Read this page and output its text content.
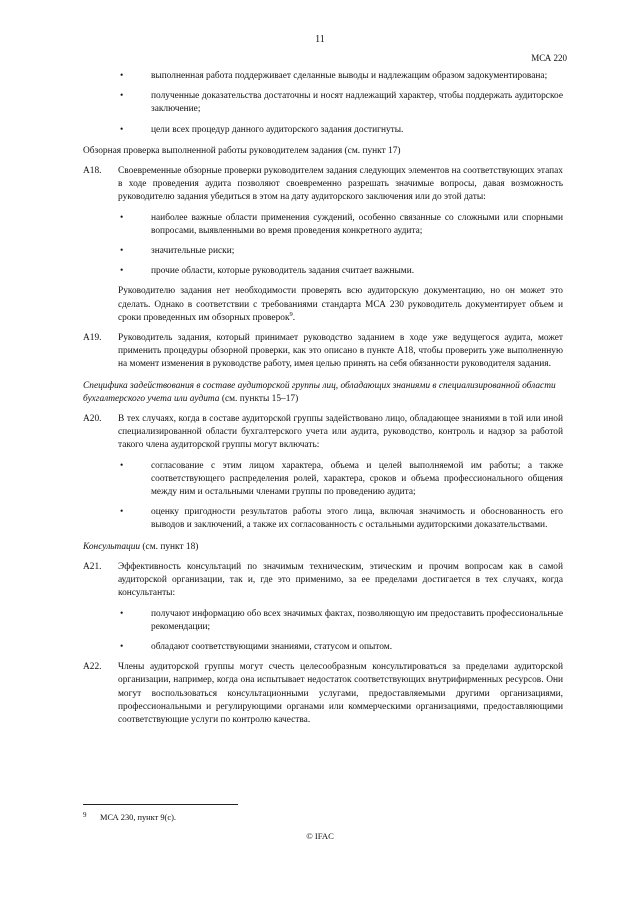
11
МСА 220
•	выполненная работа поддерживает сделанные выводы и надлежащим образом задокументирована;
•	полученные доказательства достаточны и носят надлежащий характер, чтобы поддержать аудиторское заключение;
•	цели всех процедур данного аудиторского задания достигнуты.
Обзорная проверка выполненной работы руководителем задания (см. пункт 17)
A18. Своевременные обзорные проверки руководителем задания следующих элементов на соответствующих этапах в ходе проведения аудита позволяют своевременно разрешать значимые вопросы, давая возможность руководителю задания убедиться в этом на дату аудиторского заключения или до этой даты:
•	наиболее важные области применения суждений, особенно связанные со сложными или спорными вопросами, выявленными во время проведения конкретного аудита;
•	значительные риски;
•	прочие области, которые руководитель задания считает важными.
Руководителю задания нет необходимости проверять всю аудиторскую документацию, но он может это сделать. Однако в соответствии с требованиями стандарта МСА 230 руководитель документирует объем и сроки проведенных им обзорных проверок$^9$.
A19. Руководитель задания, который принимает руководство заданием в ходе уже ведущегося аудита, может применить процедуры обзорной проверки, как это описано в пункте A18, чтобы проверить уже выполненную на момент изменения в руководстве работу, имея целью принять на себя обязанности руководителя задания.
Специфика задействования в составе аудиторской группы лиц, обладающих знаниями в специализированной области бухгалтерского учета или аудита (см. пункты 15–17)
A20. В тех случаях, когда в составе аудиторской группы задействовано лицо, обладающее знаниями в той или иной специализированной области бухгалтерского учета или аудита, руководство, контроль и надзор за работой такого члена аудиторской группы могут включать:
•	согласование с этим лицом характера, объема и целей выполняемой им работы; а также соответствующего распределения ролей, характера, сроков и объема профессионального общения между ним и остальными членами группы по проведению аудита;
•	оценку пригодности результатов работы этого лица, включая значимость и обоснованность его выводов и заключений, а также их согласованность с остальными аудиторскими доказательствами.
Консультации (см. пункт 18)
A21. Эффективность консультаций по значимым техническим, этическим и прочим вопросам как в самой аудиторской организации, так и, где это применимо, за ее пределами достигается в тех случаях, когда консультанты:
•	получают информацию обо всех значимых фактах, позволяющую им предоставить профессиональные рекомендации;
•	обладают соответствующими знаниями, статусом и опытом.
A22. Члены аудиторской группы могут счесть целесообразным консультироваться за пределами аудиторской организации, например, когда она испытывает недостаток соответствующих внутрифирменных ресурсов. Они могут воспользоваться консультационными услугами, предоставляемыми другими организациями, профессиональными и регулирующими органами или коммерческими организациями, предоставляющими соответствующие услуги по контролю качества.
9 МСА 230, пункт 9(c).
© IFAC
